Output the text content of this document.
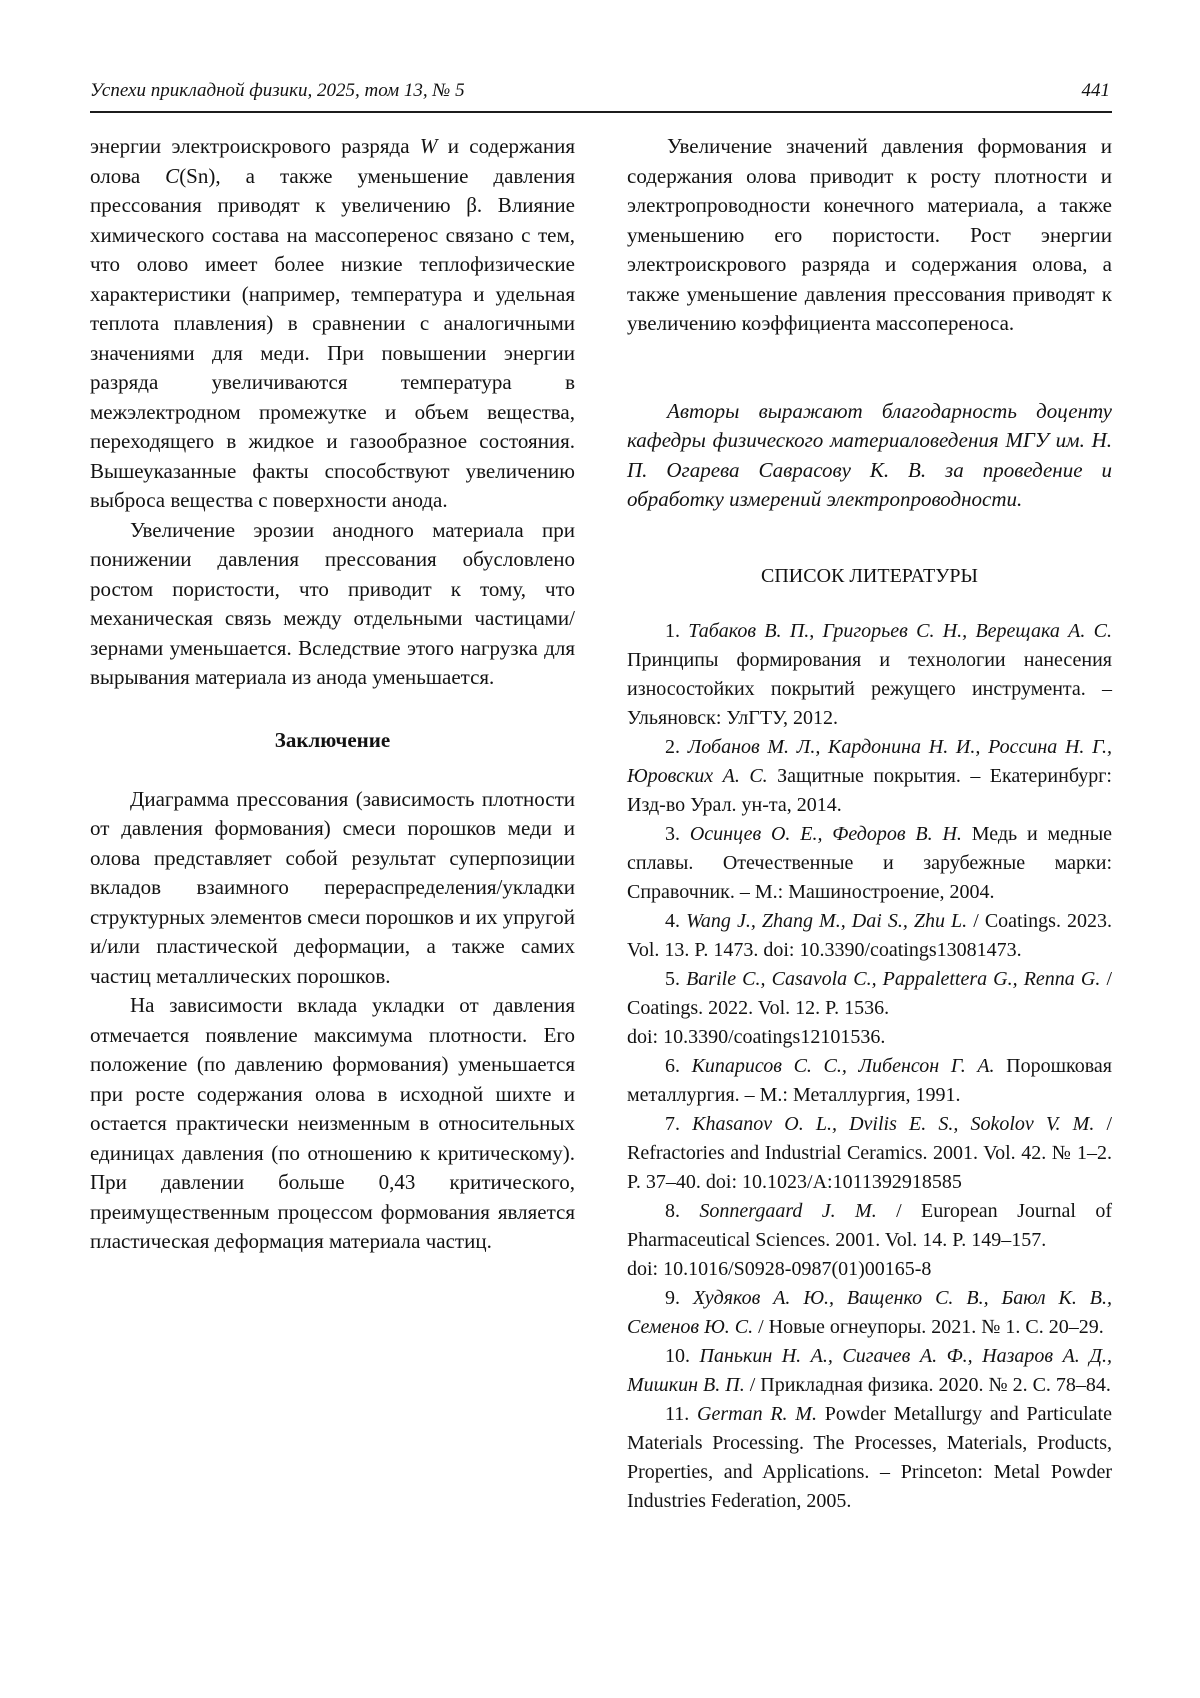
Успехи прикладной физики, 2025, том 13, № 5	441

энергии электроискрового разряда W и содержания олова C(Sn), а также уменьшение давления прессования приводят к увеличению β. Влияние химического состава на массоперенос связано с тем, что олово имеет более низкие теплофизические характеристики (например, температура и удельная теплота плавления) в сравнении с аналогичными значениями для меди. При повышении энергии разряда увеличиваются температура в межэлектродном промежутке и объем вещества, переходящего в жидкое и газообразное состояния. Вышеуказанные факты способствуют увеличению выброса вещества с поверхности анода.

Увеличение эрозии анодного материала при понижении давления прессования обусловлено ростом пористости, что приводит к тому, что механическая связь между отдельными частицами/зернами уменьшается. Вследствие этого нагрузка для вырывания материала из анода уменьшается.

Заключение

Диаграмма прессования (зависимость плотности от давления формования) смеси порошков меди и олова представляет собой результат суперпозиции вкладов взаимного перераспределения/укладки структурных элементов смеси порошков и их упругой и/или пластической деформации, а также самих частиц металлических порошков.

На зависимости вклада укладки от давления отмечается появление максимума плотности. Его положение (по давлению формования) уменьшается при росте содержания олова в исходной шихте и остается практически неизменным в относительных единицах давления (по отношению к критическому). При давлении больше 0,43 критического, преимущественным процессом формования является пластическая деформация материала частиц.

Увеличение значений давления формования и содержания олова приводит к росту плотности и электропроводности конечного материала, а также уменьшению его пористости. Рост энергии электроискрового разряда и содержания олова, а также уменьшение давления прессования приводят к увеличению коэффициента массопереноса.

Авторы выражают благодарность доценту кафедры физического материаловедения МГУ им. Н. П. Огарева Саврасову К. В. за проведение и обработку измерений электропроводности.

СПИСОК ЛИТЕРАТУРЫ

1. Табаков В. П., Григорьев С. Н., Верещака А. С. Принципы формирования и технологии нанесения износостойких покрытий режущего инструмента. – Ульяновск: УлГТУ, 2012.

2. Лобанов М. Л., Кардонина Н. И., Россина Н. Г., Юровских А. С. Защитные покрытия. – Екатеринбург: Изд-во Урал. ун-та, 2014.

3. Осинцев О. Е., Федоров В. Н. Медь и медные сплавы. Отечественные и зарубежные марки: Справочник. – М.: Машиностроение, 2004.

4. Wang J., Zhang M., Dai S., Zhu L. / Coatings. 2023. Vol. 13. P. 1473. doi: 10.3390/coatings13081473.

5. Barile C., Casavola C., Pappalettera G., Renna G. / Coatings. 2022. Vol. 12. P. 1536.
doi: 10.3390/coatings12101536.

6. Кипарисов С. С., Либенсон Г. А. Порошковая металлургия. – М.: Металлургия, 1991.

7. Khasanov O. L., Dvilis E. S., Sokolov V. M. / Refractories and Industrial Ceramics. 2001. Vol. 42. № 1–2. P. 37–40. doi: 10.1023/A:1011392918585

8. Sonnergaard J. M. / European Journal of Pharmaceutical Sciences. 2001. Vol. 14. P. 149–157.
doi: 10.1016/S0928-0987(01)00165-8

9. Худяков А. Ю., Ващенко С. В., Баюл К. В., Семенов Ю. С. / Новые огнеупоры. 2021. № 1. С. 20–29.

10. Панькин Н. А., Сигачев А. Ф., Назаров А. Д., Мишкин В. П. / Прикладная физика. 2020. № 2. С. 78–84.

11. German R. M. Powder Metallurgy and Particulate Materials Processing. The Processes, Materials, Products, Properties, and Applications. – Princeton: Metal Powder Industries Federation, 2005.
